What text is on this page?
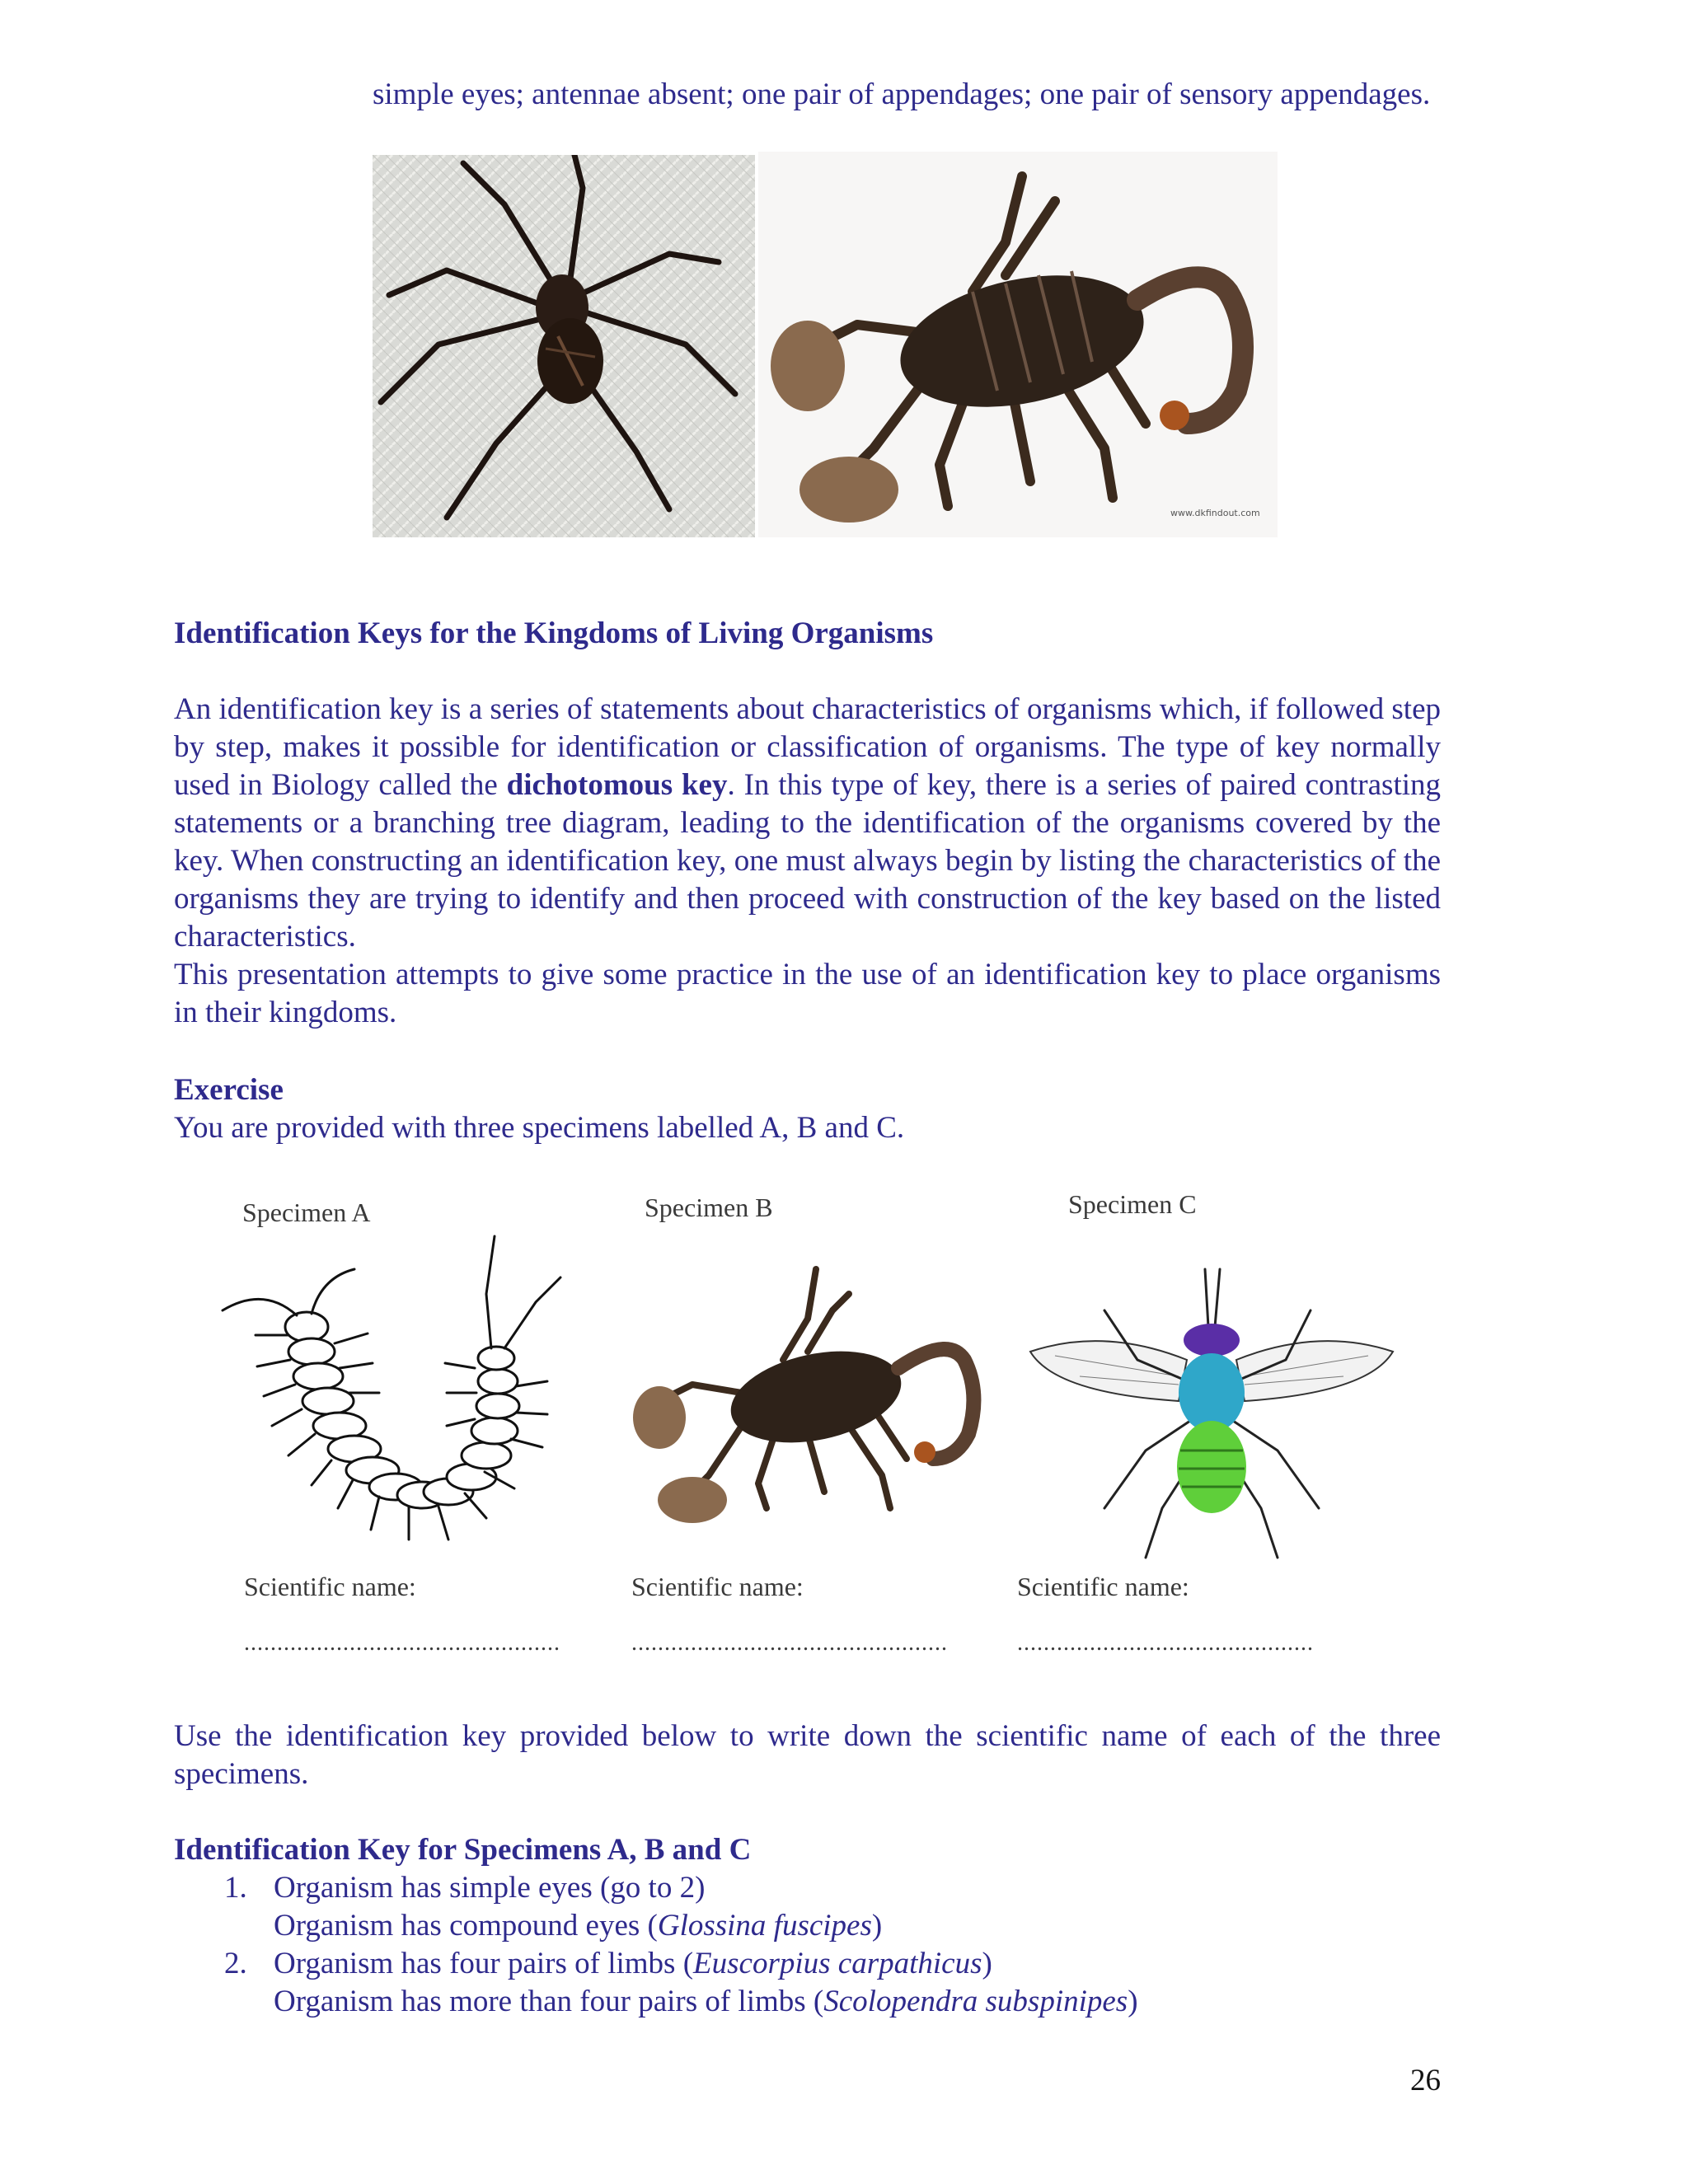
simple eyes; antennae absent; one pair of appendages; one pair of sensory appendages.
www.dkfindout.com
Identification Keys for the Kingdoms of Living Organisms
An identification key is a series of statements about characteristics of organisms which, if followed step by step, makes it possible for identification or classification of organisms. The type of key normally used in Biology called the dichotomous key. In this type of key, there is a series of paired contrasting statements or a branching tree diagram, leading to the identification of the organisms covered by the key. When constructing an identification key, one must always begin by listing the characteristics of the organisms they are trying to identify and then proceed with construction of the key based on the listed characteristics.
This presentation attempts to give some practice in the use of an identification key to place organisms in their kingdoms.
Exercise
You are provided with three specimens labelled A, B and C.
Specimen A	Specimen B	Specimen C
Scientific name:	Scientific name:	Scientific name:
................................................	................................................	.............................................
Use the identification key provided below to write down the scientific name of each of the three specimens.
Identification Key for Specimens A, B and C
1. Organism has simple eyes (go to 2)
Organism has compound eyes (Glossina fuscipes)
2. Organism has four pairs of limbs (Euscorpius carpathicus)
Organism has more than four pairs of limbs (Scolopendra subspinipes)
26
